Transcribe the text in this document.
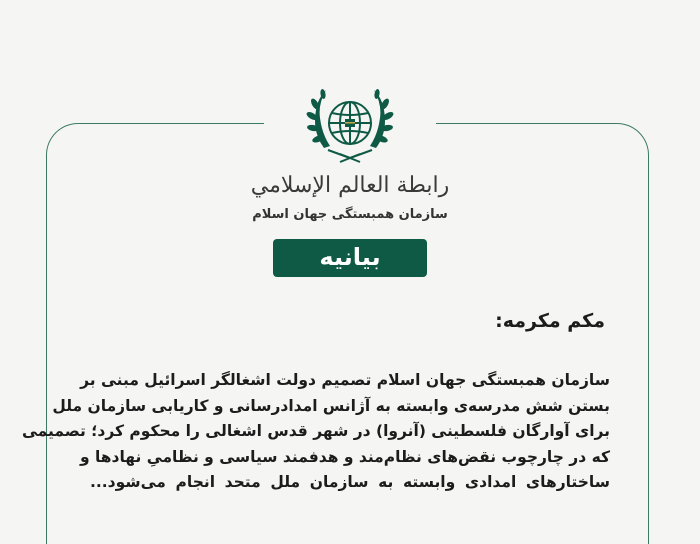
رابطة العالم الإسلامي
سازمان همبستگی جهان اسلام
بیانیه
مکم مکرمه:
سازمان همبستگی جهان اسلام تصمیم دولت اشغالگر اسرائیل مبنی بر
بستن شش مدرسه‌ی وابسته به آژانس امدادرسانی و کاریابی سازمان ملل
برای آوارگان فلسطینی (آنروا) در شهر قدس اشغالی را محکوم کرد؛ تصمیمی
که در چارچوب نقض‌های نظام‌مند و هدفمند سیاسی و نظامیِ نهادها و
ساختارهای امدادی وابسته به سازمان ملل متحد انجام می‌شود...
